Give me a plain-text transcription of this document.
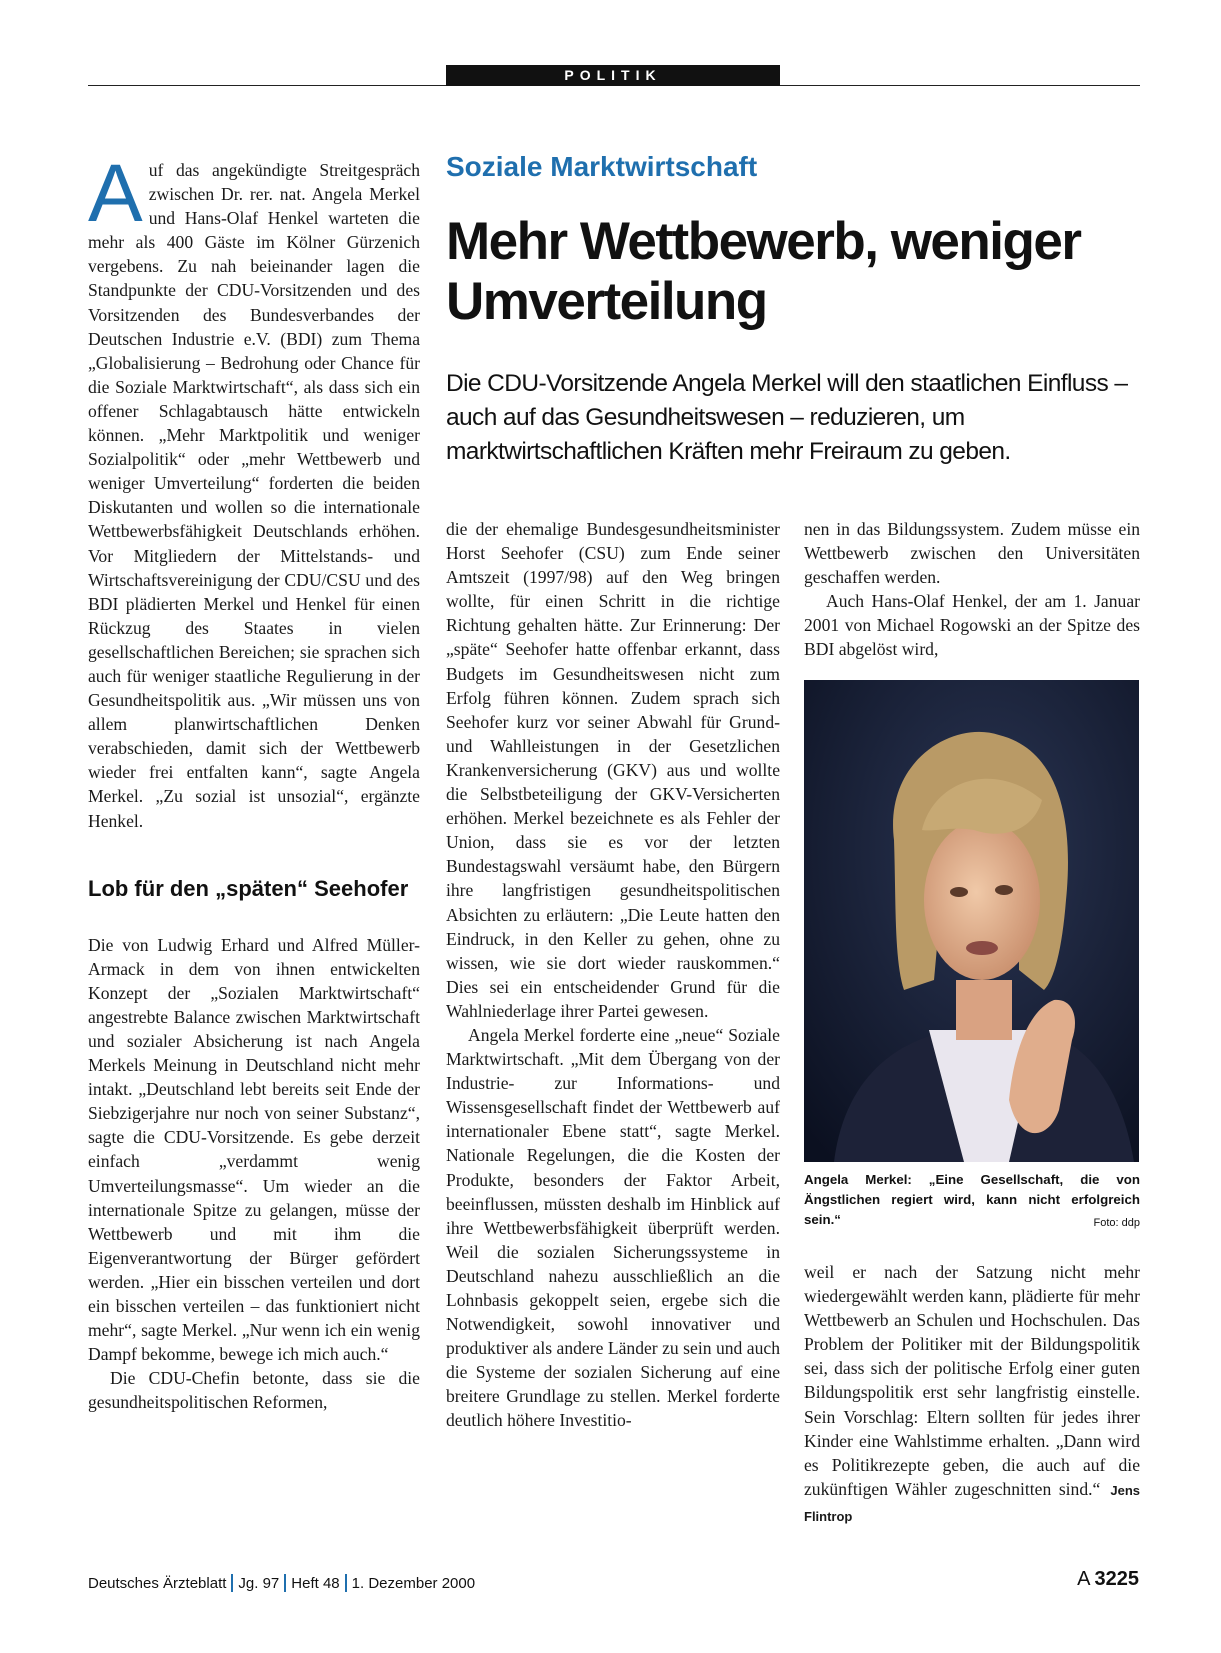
POLITIK

Auf das angekündigte Streitgespräch zwischen Dr. rer. nat. Angela Merkel und Hans-Olaf Henkel warteten die mehr als 400 Gäste im Kölner Gürzenich vergebens. Zu nah beieinander lagen die Standpunkte der CDU-Vorsitzenden und des Vorsitzenden des Bundesverbandes der Deutschen Industrie e.V. (BDI) zum Thema „Globalisierung – Bedrohung oder Chance für die Soziale Marktwirtschaft“, als dass sich ein offener Schlagabtausch hätte entwickeln können. „Mehr Marktpolitik und weniger Sozialpolitik“ oder „mehr Wettbewerb und weniger Umverteilung“ forderten die beiden Diskutanten und wollen so die internationale Wettbewerbsfähigkeit Deutschlands erhöhen. Vor Mitgliedern der Mittelstands- und Wirtschaftsvereinigung der CDU/CSU und des BDI plädierten Merkel und Henkel für einen Rückzug des Staates in vielen gesellschaftlichen Bereichen; sie sprachen sich auch für weniger staatliche Regulierung in der Gesundheitspolitik aus. „Wir müssen uns von allem planwirtschaftlichen Denken verabschieden, damit sich der Wettbewerb wieder frei entfalten kann“, sagte Angela Merkel. „Zu sozial ist unsozial“, ergänzte Henkel.

Lob für den „späten“ Seehofer

Die von Ludwig Erhard und Alfred Müller-Armack in dem von ihnen entwickelten Konzept der „Sozialen Marktwirtschaft“ angestrebte Balance zwischen Marktwirtschaft und sozialer Absicherung ist nach Angela Merkels Meinung in Deutschland nicht mehr intakt. „Deutschland lebt bereits seit Ende der Siebzigerjahre nur noch von seiner Substanz“, sagte die CDU-Vorsitzende. Es gebe derzeit einfach „verdammt wenig Umverteilungsmasse“. Um wieder an die internationale Spitze zu gelangen, müsse der Wettbewerb und mit ihm die Eigenverantwortung der Bürger gefördert werden. „Hier ein bisschen verteilen und dort ein bisschen verteilen – das funktioniert nicht mehr“, sagte Merkel. „Nur wenn ich ein wenig Dampf bekomme, bewege ich mich auch.“

Die CDU-Chefin betonte, dass sie die gesundheitspolitischen Reformen,

Soziale Marktwirtschaft
Mehr Wettbewerb, weniger Umverteilung
Die CDU-Vorsitzende Angela Merkel will den staatlichen Einfluss – auch auf das Gesundheitswesen – reduzieren, um marktwirtschaftlichen Kräften mehr Freiraum zu geben.

die der ehemalige Bundesgesundheitsminister Horst Seehofer (CSU) zum Ende seiner Amtszeit (1997/98) auf den Weg bringen wollte, für einen Schritt in die richtige Richtung gehalten hätte. Zur Erinnerung: Der „späte“ Seehofer hatte offenbar erkannt, dass Budgets im Gesundheitswesen nicht zum Erfolg führen können. Zudem sprach sich Seehofer kurz vor seiner Abwahl für Grund- und Wahlleistungen in der Gesetzlichen Krankenversicherung (GKV) aus und wollte die Selbstbeteiligung der GKV-Versicherten erhöhen. Merkel bezeichnete es als Fehler der Union, dass sie es vor der letzten Bundestagswahl versäumt habe, den Bürgern ihre langfristigen gesundheitspolitischen Absichten zu erläutern: „Die Leute hatten den Eindruck, in den Keller zu gehen, ohne zu wissen, wie sie dort wieder rauskommen.“ Dies sei ein entscheidender Grund für die Wahlniederlage ihrer Partei gewesen.

Angela Merkel forderte eine „neue“ Soziale Marktwirtschaft. „Mit dem Übergang von der Industrie- zur Informations- und Wissensgesellschaft findet der Wettbewerb auf internationaler Ebene statt“, sagte Merkel. Nationale Regelungen, die die Kosten der Produkte, besonders der Faktor Arbeit, beeinflussen, müssten deshalb im Hinblick auf ihre Wettbewerbsfähigkeit überprüft werden. Weil die sozialen Sicherungssysteme in Deutschland nahezu ausschließlich an die Lohnbasis gekoppelt seien, ergebe sich die Notwendigkeit, sowohl innovativer und produktiver als andere Länder zu sein und auch die Systeme der sozialen Sicherung auf eine breitere Grundlage zu stellen. Merkel forderte deutlich höhere Investitio-

nen in das Bildungssystem. Zudem müsse ein Wettbewerb zwischen den Universitäten geschaffen werden.

Auch Hans-Olaf Henkel, der am 1. Januar 2001 von Michael Rogowski an der Spitze des BDI abgelöst wird,

Angela Merkel: „Eine Gesellschaft, die von Ängstlichen regiert wird, kann nicht erfolgreich sein.“	Foto: ddp

weil er nach der Satzung nicht mehr wiedergewählt werden kann, plädierte für mehr Wettbewerb an Schulen und Hochschulen. Das Problem der Politiker mit der Bildungspolitik sei, dass sich der politische Erfolg einer guten Bildungspolitik erst sehr langfristig einstelle. Sein Vorschlag: Eltern sollten für jedes ihrer Kinder eine Wahlstimme erhalten. „Dann wird es Politikrezepte geben, die auch auf die zukünftigen Wähler zugeschnitten sind.“ Jens Flintrop

Deutsches Ärzteblatt Jg. 97 Heft 48 1. Dezember 2000	A 3225
